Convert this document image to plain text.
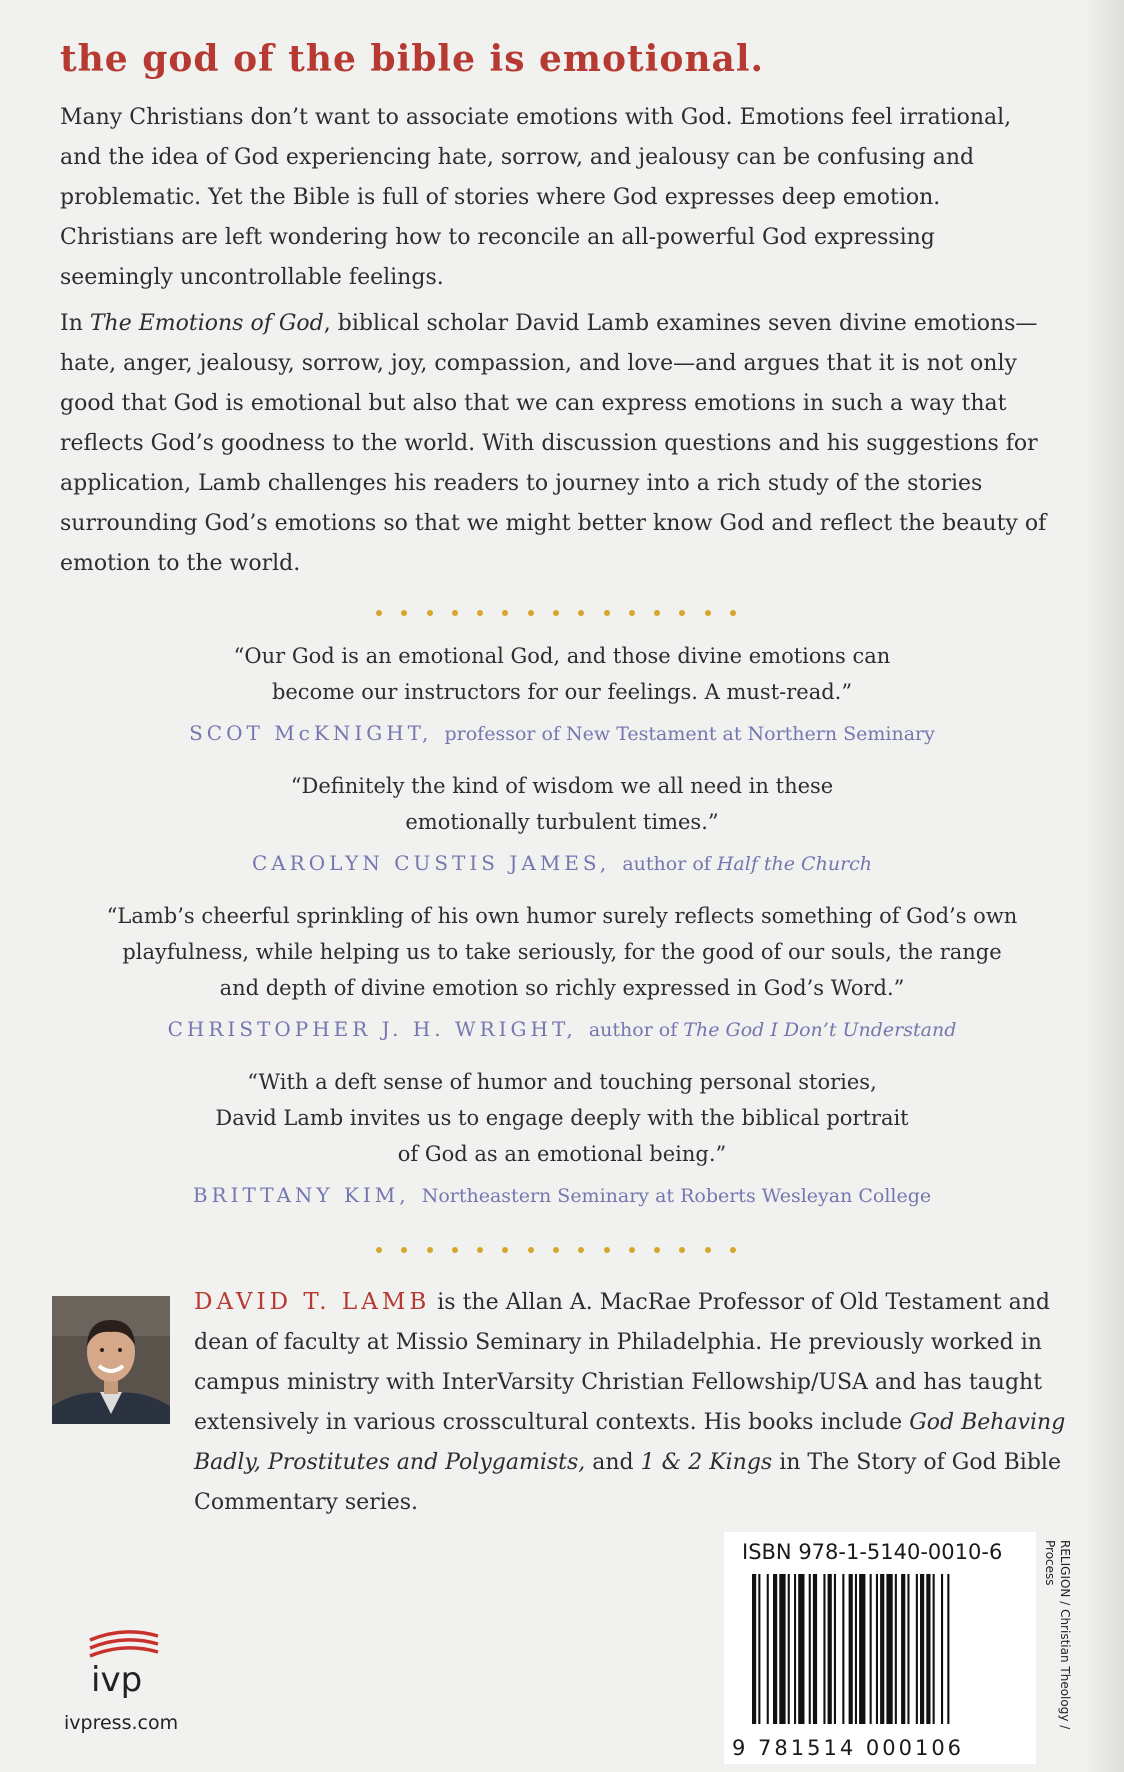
the god of the bible is emotional.

Many Christians don’t want to associate emotions with God. Emotions feel irrational, and the idea of God experiencing hate, sorrow, and jealousy can be confusing and problematic. Yet the Bible is full of stories where God expresses deep emotion. Christians are left wondering how to reconcile an all-powerful God expressing seemingly uncontrollable feelings.

In The Emotions of God, biblical scholar David Lamb examines seven divine emotions—hate, anger, jealousy, sorrow, joy, compassion, and love—and argues that it is not only good that God is emotional but also that we can express emotions in such a way that reflects God’s goodness to the world. With discussion questions and his suggestions for application, Lamb challenges his readers to journey into a rich study of the stories surrounding God’s emotions so that we might better know God and reflect the beauty of emotion to the world.

“Our God is an emotional God, and those divine emotions can

become our instructors for our feelings. A must-read.”

SCOT McKNIGHT, professor of New Testament at Northern Seminary

“Definitely the kind of wisdom we all need in these

emotionally turbulent times.”

CAROLYN CUSTIS JAMES, author of Half the Church

“Lamb’s cheerful sprinkling of his own humor surely reflects something of God’s own

playfulness, while helping us to take seriously, for the good of our souls, the range

and depth of divine emotion so richly expressed in God’s Word.”

CHRISTOPHER J. H. WRIGHT, author of The God I Don’t Understand

“With a deft sense of humor and touching personal stories,

David Lamb invites us to engage deeply with the biblical portrait

of God as an emotional being.”

BRITTANY KIM, Northeastern Seminary at Roberts Wesleyan College
DAVID T. LAMB is the Allan A. MacRae Professor of Old Testament and dean of faculty at Missio Seminary in Philadelphia. He previously worked in campus ministry with InterVarsity Christian Fellowship/USA and has taught extensively in various crosscultural contexts. His books include God Behaving Badly, Prostitutes and Polygamists, and 1 & 2 Kings in The Story of God Bible Commentary series.
ivp
ivpress.com
ISBN 978-1-5140-0010-6
9 781514 000106
RELIGION / Christian Theology / Process
